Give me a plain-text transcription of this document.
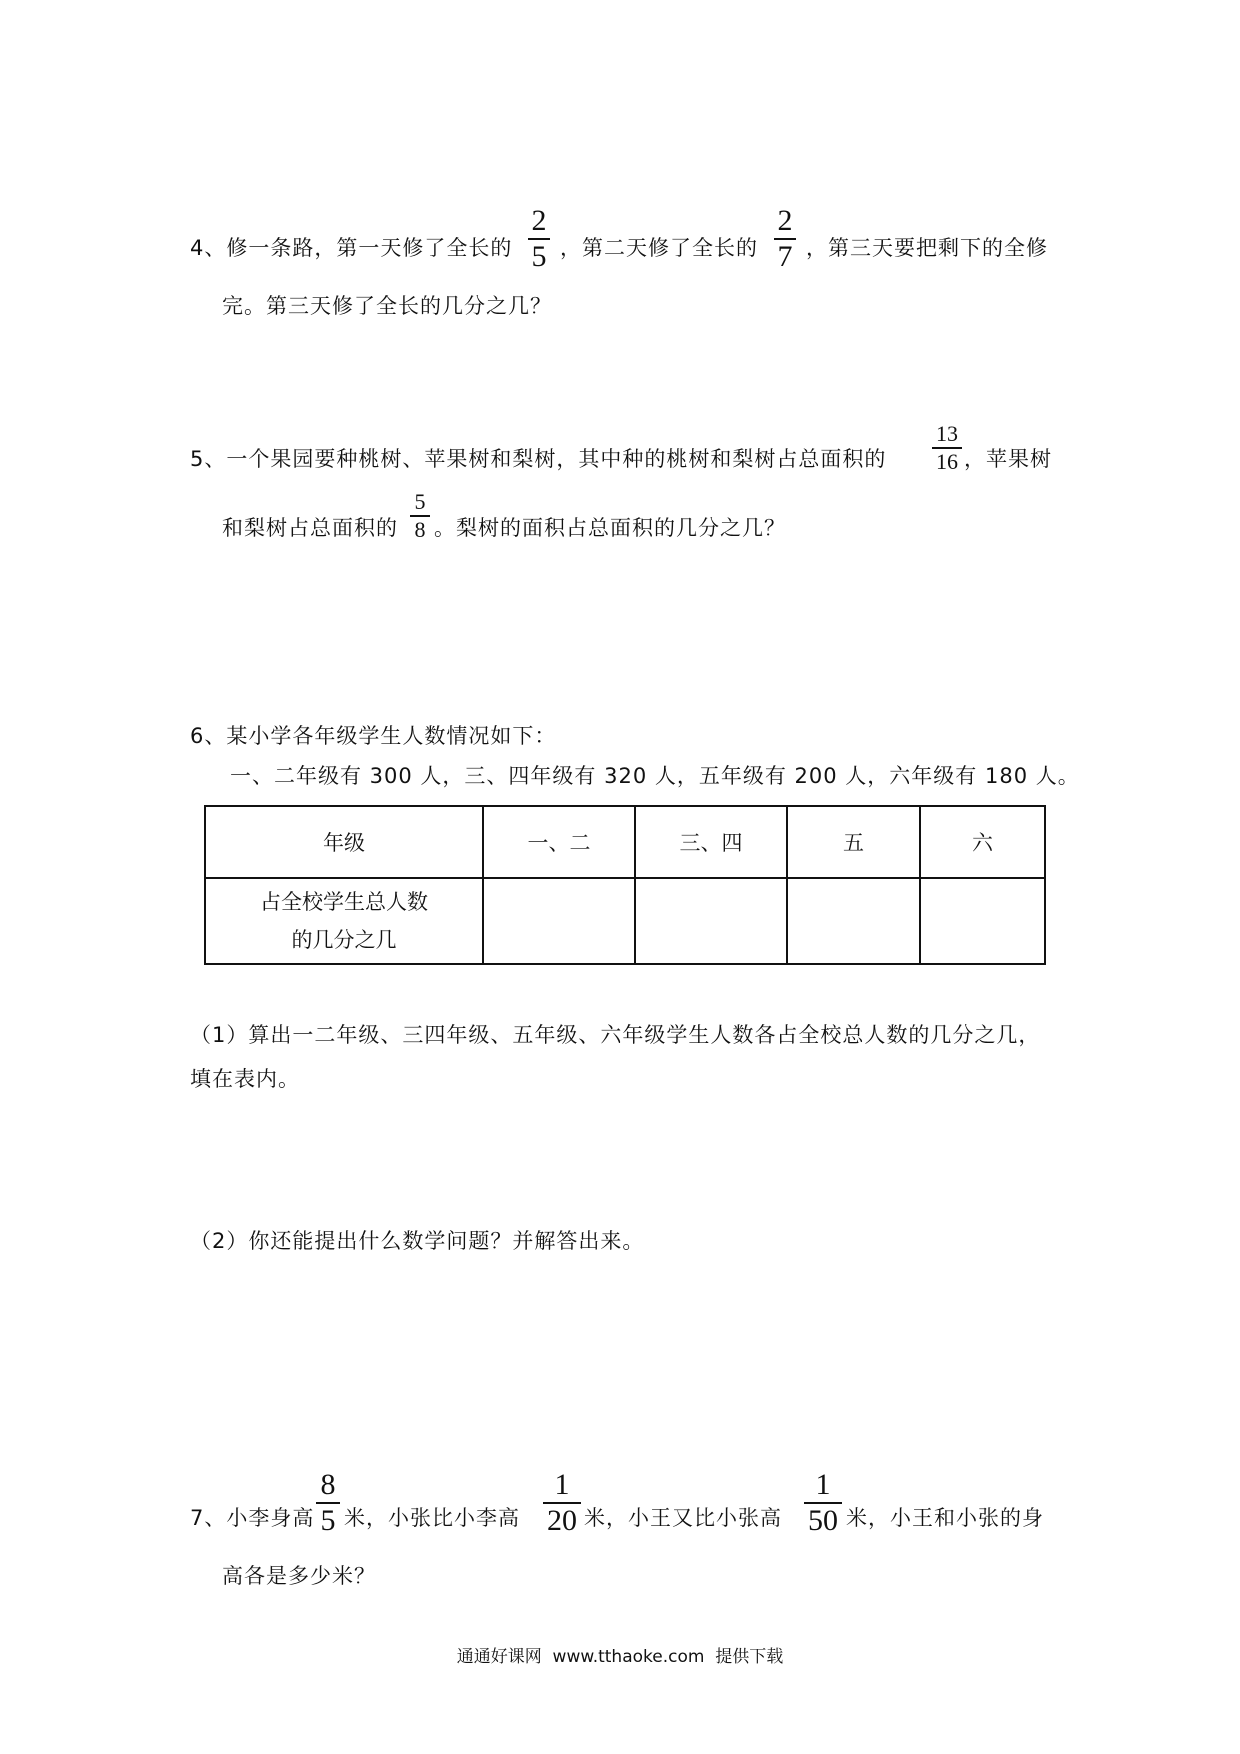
4、修一条路，第一天修了全长的
2
5 ，第二天修了全长的
2
7 ，第三天要把剩下的全修
完。第三天修了全长的几分之几？
5、一个果园要种桃树、苹果树和梨树，其中种的桃树和梨树占总面积的
13
16 ，苹果树
和梨树占总面积的
5
8 。梨树的面积占总面积的几分之几？
6、某小学各年级学生人数情况如下：
一、二年级有 300 人，三、四年级有 320 人，五年级有 200 人，六年级有 180 人。
年级	一、二	三、四	五	六

占全校学生总人数
的几分之几				

（1）算出一二年级、三四年级、五年级、六年级学生人数各占全校总人数的几分之几，
填在表内。
（2）你还能提出什么数学问题？并解答出来。
7、小李身高
8
5 米，小张比小李高
1
20 米，小王又比小张高
1
50 米，小王和小张的身
高各是多少米？
通通好课网  www.tthaoke.com  提供下载
